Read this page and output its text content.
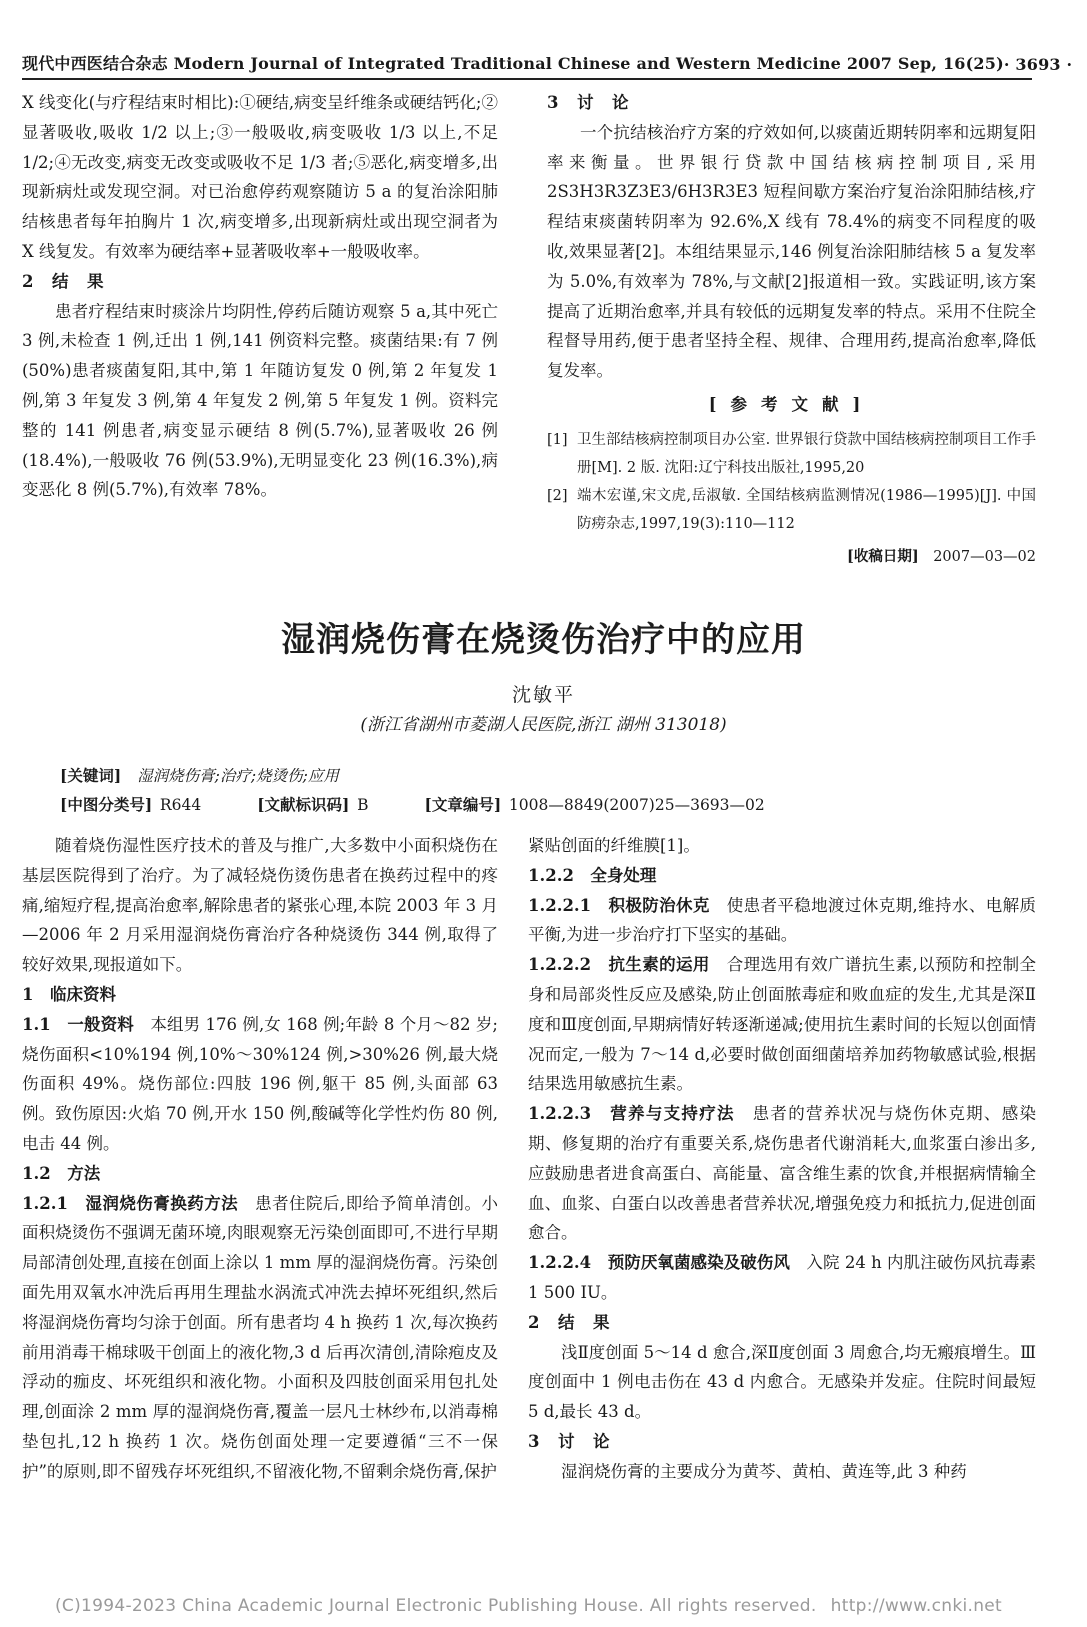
现代中西医结合杂志 Modern Journal of Integrated Traditional Chinese and Western Medicine 2007 Sep, 16(25) · 3693 ·

X 线变化(与疗程结束时相比):①硬结,病变呈纤维条或硬结钙化;②显著吸收,吸收 1/2 以上;③一般吸收,病变吸收 1/3 以上,不足 1/2;④无改变,病变无改变或吸收不足 1/3 者;⑤恶化,病变增多,出现新病灶或发现空洞。对已治愈停药观察随访 5 a 的复治涂阳肺结核患者每年拍胸片 1 次,病变增多,出现新病灶或出现空洞者为 X 线复发。有效率为硬结率+显著吸收率+一般吸收率。

2　结　果

患者疗程结束时痰涂片均阴性,停药后随访观察 5 a,其中死亡 3 例,未检查 1 例,迁出 1 例,141 例资料完整。痰菌结果:有 7 例(50%)患者痰菌复阳,其中,第 1 年随访复发 0 例,第 2 年复发 1 例,第 3 年复发 3 例,第 4 年复发 2 例,第 5 年复发 1 例。资料完整的 141 例患者,病变显示硬结 8 例(5.7%),显著吸收 26 例(18.4%),一般吸收 76 例(53.9%),无明显变化 23 例(16.3%),病变恶化 8 例(5.7%),有效率 78%。

3　讨　论

一个抗结核治疗方案的疗效如何,以痰菌近期转阴率和远期复阳率来衡量。世界银行贷款中国结核病控制项目,采用 2S3H3R3Z3E3/6H3R3E3 短程间歇方案治疗复治涂阳肺结核,疗程结束痰菌转阴率为 92.6%,X 线有 78.4%的病变不同程度的吸收,效果显著[2]。本组结果显示,146 例复治涂阳肺结核 5 a 复发率为 5.0%,有效率为 78%,与文献[2]报道相一致。实践证明,该方案提高了近期治愈率,并具有较低的远期复发率的特点。采用不住院全程督导用药,便于患者坚持全程、规律、合理用药,提高治愈率,降低复发率。

[参考文献]

[1] 卫生部结核病控制项目办公室. 世界银行贷款中国结核病控制项目工作手册[M]. 2 版. 沈阳:辽宁科技出版社,1995,20
[2] 端木宏谨,宋文虎,岳淑敏. 全国结核病监测情况(1986—1995)[J]. 中国防痨杂志,1997,19(3):110—112

[收稿日期]  2007—03—02

湿润烧伤膏在烧烫伤治疗中的应用
沈敏平
(浙江省湖州市菱湖人民医院,浙江 湖州 313018)
[关键词] 湿润烧伤膏;治疗;烧烫伤;应用
[中图分类号]  R644	[文献标识码]  B	[文章编号]  1008—8849(2007)25—3693—02

随着烧伤湿性医疗技术的普及与推广,大多数中小面积烧伤在基层医院得到了治疗。为了减轻烧伤烫伤患者在换药过程中的疼痛,缩短疗程,提高治愈率,解除患者的紧张心理,本院 2003 年 3 月—2006 年 2 月采用湿润烧伤膏治疗各种烧烫伤 344 例,取得了较好效果,现报道如下。

1　临床资料

1.1　一般资料  本组男 176 例,女 168 例;年龄 8 个月～82 岁;烧伤面积<10%194 例,10%～30%124 例,>30%26 例,最大烧伤面积 49%。烧伤部位:四肢 196 例,躯干 85 例,头面部 63 例。致伤原因:火焰 70 例,开水 150 例,酸碱等化学性灼伤 80 例,电击 44 例。

1.2　方法

1.2.1　湿润烧伤膏换药方法  患者住院后,即给予简单清创。小面积烧烫伤不强调无菌环境,肉眼观察无污染创面即可,不进行早期局部清创处理,直接在创面上涂以 1 mm 厚的湿润烧伤膏。污染创面先用双氧水冲洗后再用生理盐水涡流式冲洗去掉坏死组织,然后将湿润烧伤膏均匀涂于创面。所有患者均 4 h 换药 1 次,每次换药前用消毒干棉球吸干创面上的液化物,3 d 后再次清创,清除疱皮及浮动的痂皮、坏死组织和液化物。小面积及四肢创面采用包扎处理,创面涂 2 mm 厚的湿润烧伤膏,覆盖一层凡士林纱布,以消毒棉垫包扎,12 h 换药 1 次。烧伤创面处理一定要遵循“三不一保护”的原则,即不留残存坏死组织,不留液化物,不留剩余烧伤膏,保护

紧贴创面的纤维膜[1]。

1.2.2　全身处理

1.2.2.1　积极防治休克  使患者平稳地渡过休克期,维持水、电解质平衡,为进一步治疗打下坚实的基础。

1.2.2.2　抗生素的运用  合理选用有效广谱抗生素,以预防和控制全身和局部炎性反应及感染,防止创面脓毒症和败血症的发生,尤其是深Ⅱ度和Ⅲ度创面,早期病情好转逐渐递减;使用抗生素时间的长短以创面情况而定,一般为 7～14 d,必要时做创面细菌培养加药物敏感试验,根据结果选用敏感抗生素。

1.2.2.3　营养与支持疗法  患者的营养状况与烧伤休克期、感染期、修复期的治疗有重要关系,烧伤患者代谢消耗大,血浆蛋白渗出多,应鼓励患者进食高蛋白、高能量、富含维生素的饮食,并根据病情输全血、血浆、白蛋白以改善患者营养状况,增强免疫力和抵抗力,促进创面愈合。

1.2.2.4　预防厌氧菌感染及破伤风  入院 24 h 内肌注破伤风抗毒素 1 500 IU。

2　结　果

浅Ⅱ度创面 5～14 d 愈合,深Ⅱ度创面 3 周愈合,均无瘢痕增生。Ⅲ度创面中 1 例电击伤在 43 d 内愈合。无感染并发症。住院时间最短 5 d,最长 43 d。

3　讨　论

湿润烧伤膏的主要成分为黄芩、黄柏、黄连等,此 3 种药

(C)1994-2023 China Academic Journal Electronic Publishing House. All rights reserved. http://www.cnki.net
